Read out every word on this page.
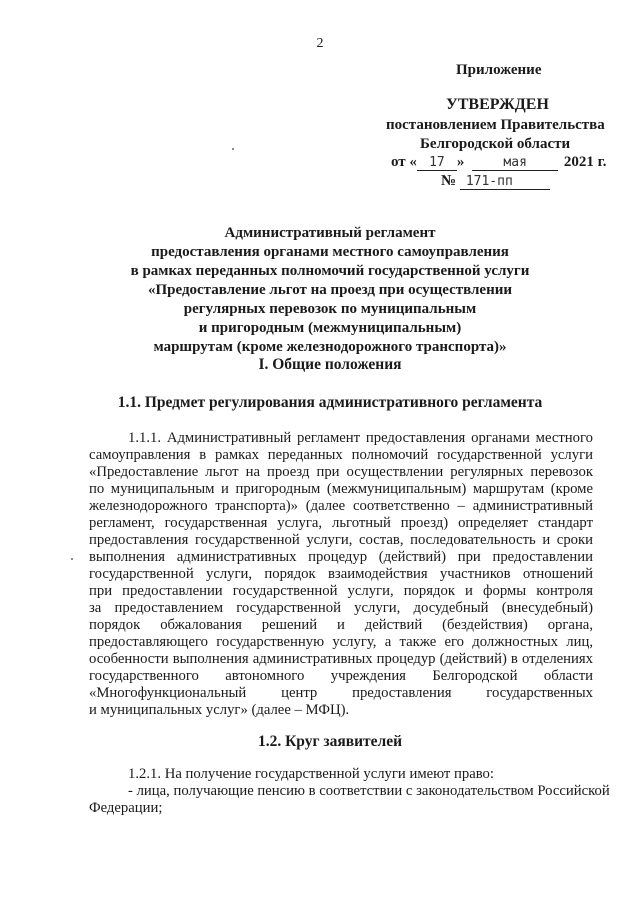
2
Приложение
УТВЕРЖДЕН
постановлением Правительства
Белгородской области
от « 17 »	мая 2021 г.
№ 171-пп
Административный регламент
предоставления органами местного самоуправления
в рамках переданных полномочий государственной услуги
«Предоставление льгот на проезд при осуществлении
регулярных перевозок по муниципальным
и пригородным (межмуниципальным)
маршрутам (кроме железнодорожного транспорта)»
I. Общие положения
1.1. Предмет регулирования административного регламента
1.1.1. Административный регламент предоставления органами местного
самоуправления в рамках переданных полномочий государственной услуги
«Предоставление льгот на проезд при осуществлении регулярных перевозок
по муниципальным и пригородным (межмуниципальным) маршрутам (кроме
железнодорожного транспорта)» (далее соответственно – административный
регламент, государственная услуга, льготный проезд) определяет стандарт
предоставления государственной услуги, состав, последовательность и сроки
выполнения административных процедур (действий) при предоставлении
государственной услуги, порядок взаимодействия участников отношений
при предоставлении государственной услуги, порядок и формы контроля
за предоставлением государственной услуги, досудебный (внесудебный)
порядок обжалования решений и действий (бездействия) органа,
предоставляющего государственную услугу, а также его должностных лиц,
особенности выполнения административных процедур (действий) в отделениях
государственного автономного учреждения Белгородской области
«Многофункциональный центр предоставления государственных
и муниципальных услуг» (далее – МФЦ).
1.2. Круг заявителей
1.2.1. На получение государственной услуги имеют право:
- лица, получающие пенсию в соответствии с законодательством Российской
Федерации;
